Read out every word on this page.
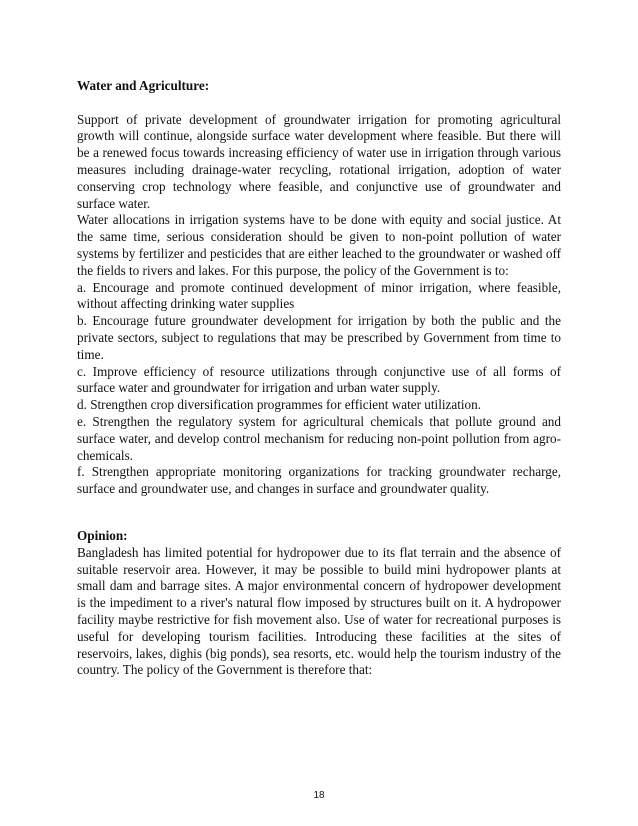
Water and Agriculture:

Support of private development of groundwater irrigation for promoting agricultural growth will continue, alongside surface water development where feasible. But there will be a renewed focus towards increasing efficiency of water use in irrigation through various measures including drainage-water recycling, rotational irrigation, adoption of water conserving crop technology where feasible, and conjunctive use of groundwater and surface water.

Water allocations in irrigation systems have to be done with equity and social justice. At the same time, serious consideration should be given to non-point pollution of water systems by fertilizer and pesticides that are either leached to the groundwater or washed off the fields to rivers and lakes. For this purpose, the policy of the Government is to:

a. Encourage and promote continued development of minor irrigation, where feasible, without affecting drinking water supplies

b. Encourage future groundwater development for irrigation by both the public and the private sectors, subject to regulations that may be prescribed by Government from time to time.

c. Improve efficiency of resource utilizations through conjunctive use of all forms of surface water and groundwater for irrigation and urban water supply.

d. Strengthen crop diversification programmes for efficient water utilization.

e. Strengthen the regulatory system for agricultural chemicals that pollute ground and surface water, and develop control mechanism for reducing non-point pollution from agro-chemicals.

f. Strengthen appropriate monitoring organizations for tracking groundwater recharge, surface and groundwater use, and changes in surface and groundwater quality.

Opinion:

Bangladesh has limited potential for hydropower due to its flat terrain and the absence of suitable reservoir area. However, it may be possible to build mini hydropower plants at small dam and barrage sites. A major environmental concern of hydropower development is the impediment to a river's natural flow imposed by structures built on it. A hydropower facility maybe restrictive for fish movement also. Use of water for recreational purposes is useful for developing tourism facilities. Introducing these facilities at the sites of reservoirs, lakes, dighis (big ponds), sea resorts, etc. would help the tourism industry of the country. The policy of the Government is therefore that:

18
